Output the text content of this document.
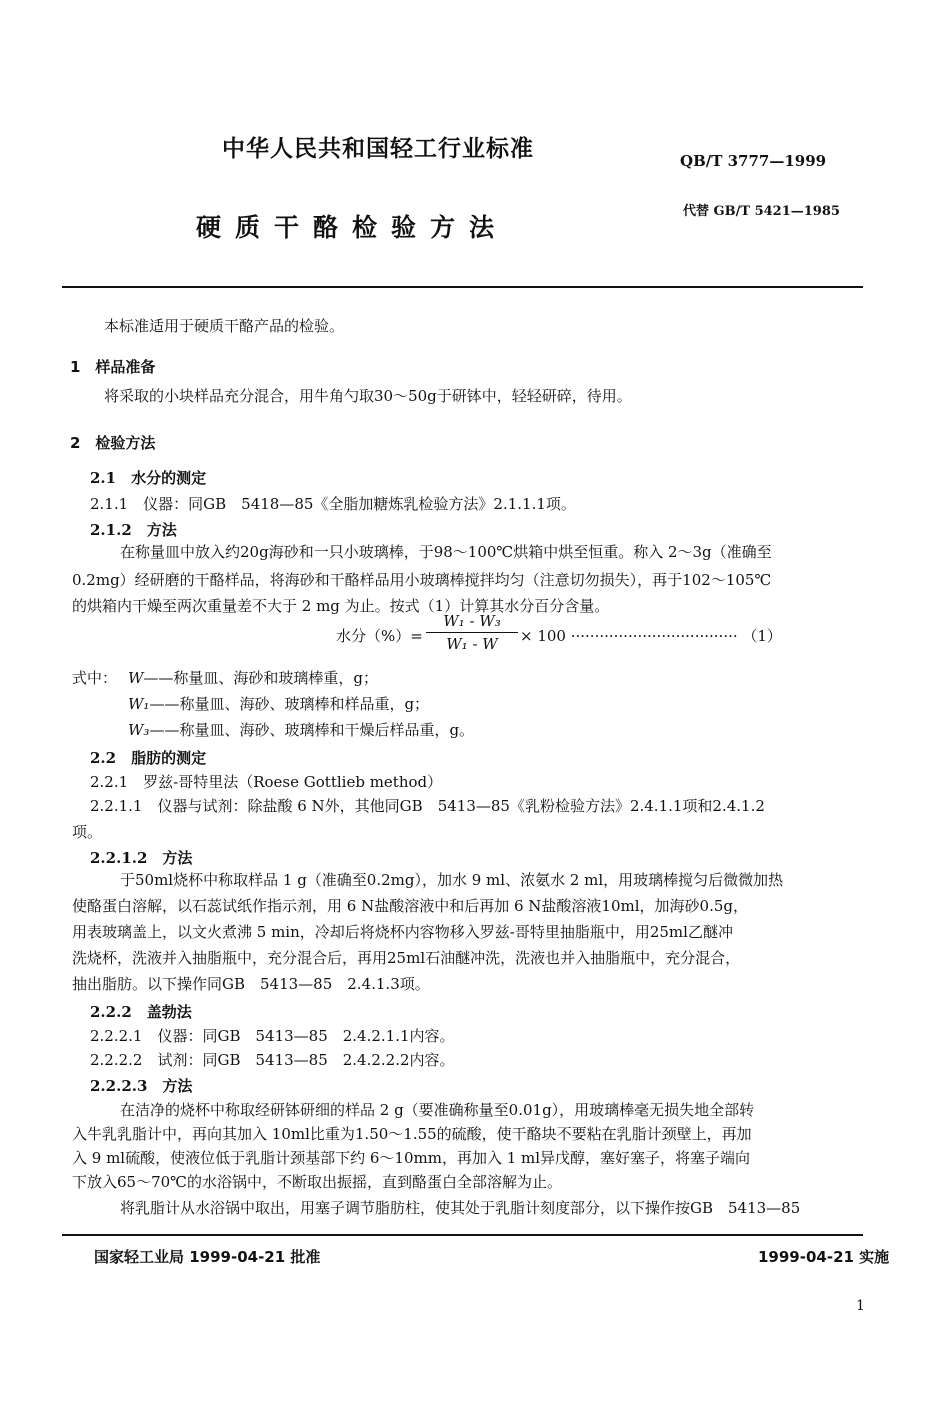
中华人民共和国轻工行业标准	QB/T 3777—1999
硬质干酪检验方法
代替 GB/T 5421—1985
本标准适用于硬质干酪产品的检验。
1　样品准备
将采取的小块样品充分混合，用牛角勺取30～50g于研钵中，轻轻研碎，待用。
2　检验方法
2.1　水分的测定
2.1.1　仪器：同GB　5418—85《全脂加糖炼乳检验方法》2.1.1.1项。
2.1.2　方法
在称量皿中放入约20g海砂和一只小玻璃棒，于98～100℃烘箱中烘至恒重。称入 2～3g（准确至
0.2mg）经研磨的干酪样品，将海砂和干酪样品用小玻璃棒搅拌均匀（注意切勿损失），再于102～105℃
的烘箱内干燥至两次重量差不大于 2 mg 为止。按式（1）计算其水分百分含量。
水分（%）= $\frac{\text{W₁ - W₃}}{\text{W₁ - W}} \times 100$ ··································· （1）
式中： W——称量皿、海砂和玻璃棒重，g；
W₁——称量皿、海砂、玻璃棒和样品重，g；
W₃——称量皿、海砂、玻璃棒和干燥后样品重，g。
2.2　脂肪的测定
2.2.1　罗兹-哥特里法（Roese Gottlieb method）
2.2.1.1　仪器与试剂：除盐酸 6 N外，其他同GB　5413—85《乳粉检验方法》2.4.1.1项和2.4.1.2
项。
2.2.1.2　方法
于50ml烧杯中称取样品 1 g（准确至0.2mg），加水 9 ml、浓氨水 2 ml，用玻璃棒搅匀后微微加热
使酪蛋白溶解，以石蕊试纸作指示剂，用 6 N盐酸溶液中和后再加 6 N盐酸溶液10ml，加海砂0.5g，
用表玻璃盖上，以文火煮沸 5 min，冷却后将烧杯内容物移入罗兹-哥特里抽脂瓶中，用25ml乙醚冲
洗烧杯，洗液并入抽脂瓶中，充分混合后，再用25ml石油醚冲洗，洗液也并入抽脂瓶中，充分混合，
抽出脂肪。以下操作同GB　5413—85　2.4.1.3项。
2.2.2　盖勃法
2.2.2.1　仪器：同GB　5413—85　2.4.2.1.1内容。
2.2.2.2　试剂：同GB　5413—85　2.4.2.2.2内容。
2.2.2.3　方法
在洁净的烧杯中称取经研钵研细的样品 2 g（要准确称量至0.01g），用玻璃棒毫无损失地全部转
入牛乳乳脂计中，再向其加入 10ml比重为1.50～1.55的硫酸，使干酪块不要粘在乳脂计颈壁上，再加
入 9 ml硫酸，使液位低于乳脂计颈基部下约 6～10mm，再加入 1 ml异戊醇，塞好塞子，将塞子端向
下放入65～70℃的水浴锅中，不断取出振摇，直到酪蛋白全部溶解为止。
将乳脂计从水浴锅中取出，用塞子调节脂肪柱，使其处于乳脂计刻度部分，以下操作按GB　5413—85
国家轻工业局 1999-04-21 批准	1999-04-21 实施
1
